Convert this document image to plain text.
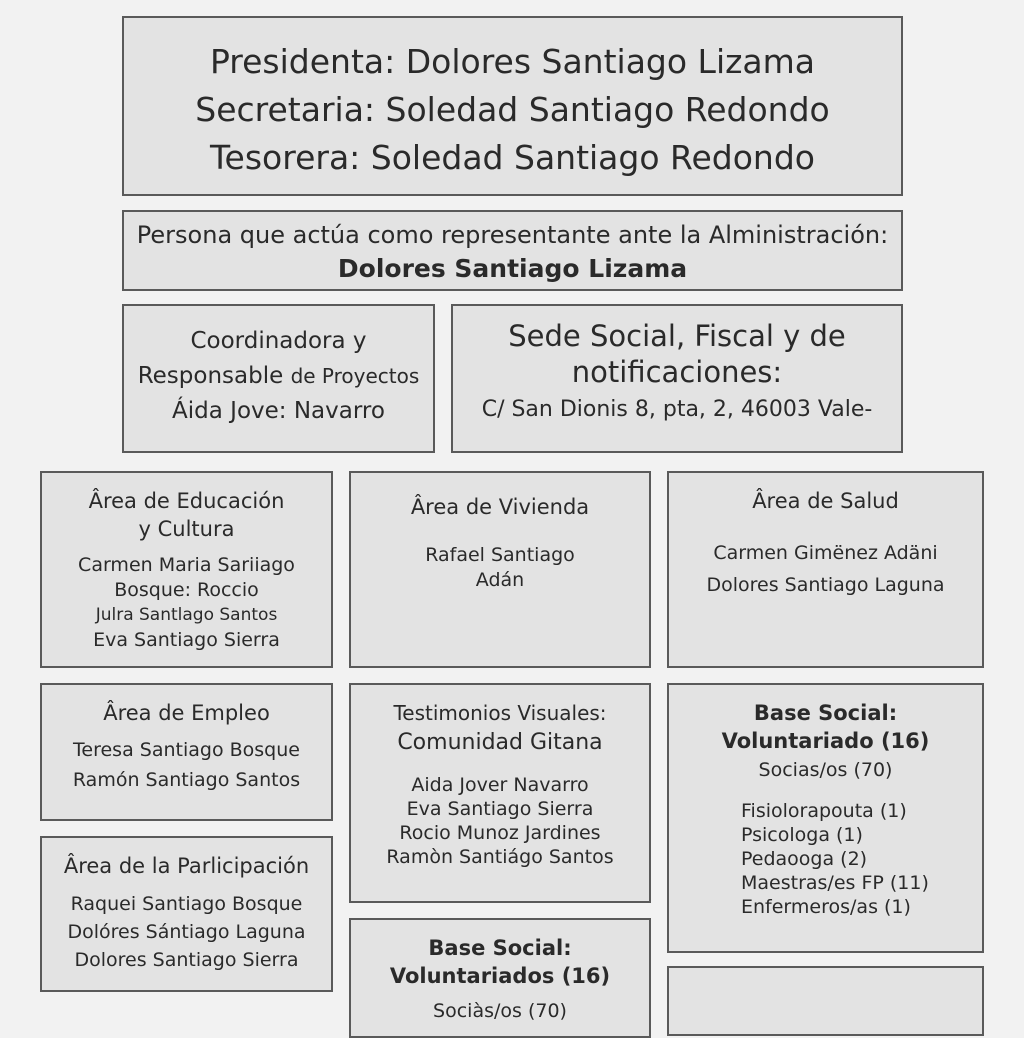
Presidenta: Dolores Santiago Lizama
Secretaria: Soledad Santiago Redondo
Tesorera: Soledad Santiago Redondo
Persona que actúa como representante ante la Alministración:
Dolores Santiago Lizama
Coordinadora y
Responsable de Proyectos
Áida Jove: Navarro
Sede Social, Fiscal y de
notificaciones:
C/ San Dionis 8, pta, 2, 46003 Vale-
Ârea de Educación
y Cultura
Carmen Maria Sariiago
Bosque: Roccio
Julra Santlago Santos
Eva Santiago Sierra
Ârea de Vivienda
Rafael Santiago
Adán
Ârea de Salud
Carmen Gimënez Adäni
Dolores Santiago Laguna
Ârea de Empleo
Teresa Santiago Bosque
Ramón Santiago Santos
Testimonios Visuales:
Comunidad Gitana
Aida Jover Navarro
Eva Santiago Sierra
Rocio Munoz Jardines
Ramòn Santiágo Santos
Base Social:
Voluntariado (16)
Socias/os (70)
Fisiolorapouta (1)
Psicologa (1)
Pedaooga (2)
Maestras/es FP (11)
Enfermeros/as (1)
Ârea de la Parlicipación
Raquei Santiago Bosque
Dolóres Sántiago Laguna
Dolores Santiago Sierra	Base Social:
Voluntariados (16)
Sociàs/os (70)
